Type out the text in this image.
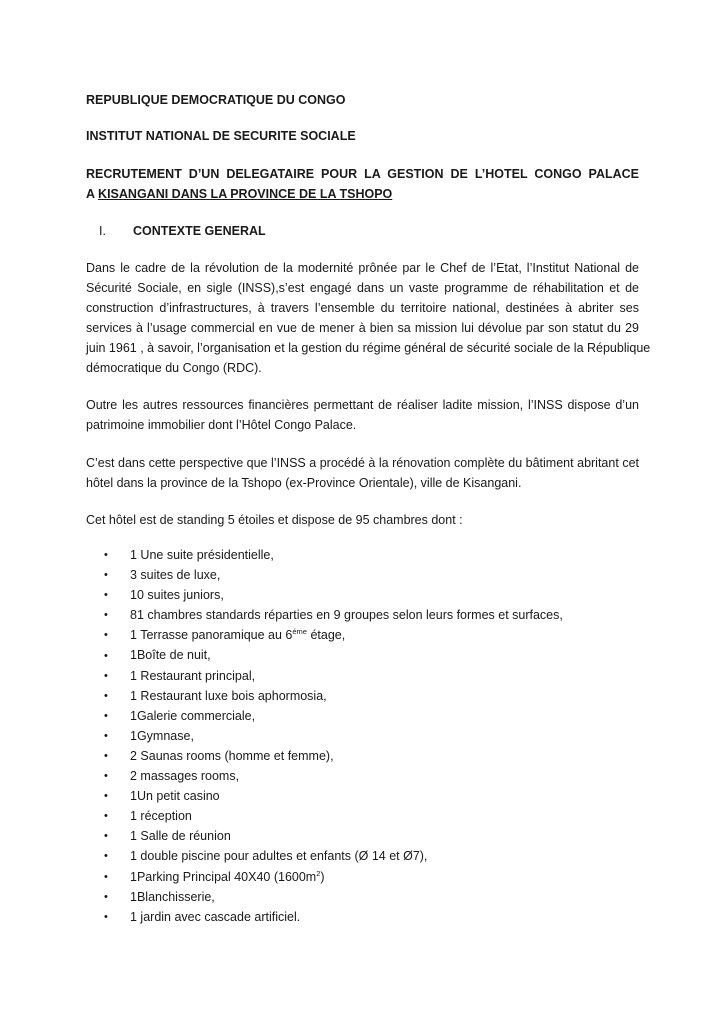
REPUBLIQUE DEMOCRATIQUE DU CONGO

INSTITUT NATIONAL DE SECURITE SOCIALE

RECRUTEMENT D’UN DELEGATAIRE POUR LA GESTION DE L’HOTEL CONGO PALACE

A KISANGANI DANS LA PROVINCE DE LA TSHOPO

I. CONTEXTE GENERAL

Dans le cadre de la révolution de la modernité prônée par le Chef de l’Etat, l’Institut National de
Sécurité Sociale, en sigle (INSS),s’est engagé dans un vaste programme de réhabilitation et de
construction d’infrastructures, à travers l’ensemble du territoire national, destinées à abriter ses
services à l’usage commercial en vue de mener à bien sa mission lui dévolue par son statut du 29
juin 1961 , à savoir, l’organisation et la gestion du régime général de sécurité sociale de la République
démocratique du Congo (RDC).
Outre les autres ressources financières permettant de réaliser ladite mission, l’INSS dispose d’un
patrimoine immobilier dont l’Hôtel Congo Palace.
C’est dans cette perspective que l’INSS a procédé à la rénovation complète du bâtiment abritant cet
hôtel dans la province de la Tshopo (ex-Province Orientale), ville de Kisangani.
Cet hôtel est de standing 5 étoiles et dispose de 95 chambres dont :
•	1 Une suite présidentielle,
•	3 suites de luxe,
•	10 suites juniors,
•	81 chambres standards réparties en 9 groupes selon leurs formes et surfaces,
•	1 Terrasse panoramique au $6^{éme}$ étage,
•	1Boîte de nuit,
•	1 Restaurant principal,
•	1 Restaurant luxe bois aphormosia,
•	1Galerie commerciale,
•	1Gymnase,
•	2 Saunas rooms (homme et femme),
•	2 massages rooms,
•	1Un petit casino
•	1 réception
•	1 Salle de réunion
•	1 double piscine pour adultes et enfants (Ø 14 et Ø7),
•	1Parking Principal 40X40 $(1600m^2)$
•	1Blanchisserie,
•	1 jardin avec cascade artificiel.
